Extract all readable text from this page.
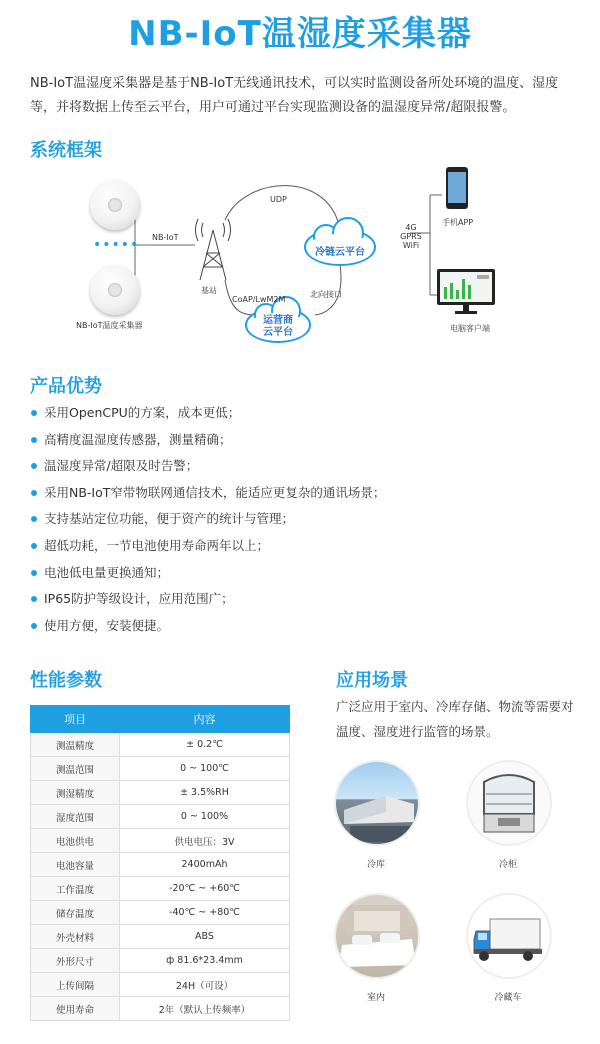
NB-IoT温湿度采集器
NB-IoT温湿度采集器是基于NB-IoT无线通讯技术，可以实时监测设备所处环境的温度、湿度等，并将数据上传至云平台，用户可通过平台实现监测设备的温湿度异常/超限报警。
系统框架
•••••
NB-IoT温度采集器
NB-IoT
基站
UDP
CoAP/LwM2M
冷链云平台
运营商
云平台
北向接口
4G
GPRS
WiFi
手机APP
电脑客户端
产品优势
采用OpenCPU的方案，成本更低；
高精度温湿度传感器，测量精确；
温湿度异常/超限及时告警；
采用NB-IoT窄带物联网通信技术，能适应更复杂的通讯场景；
支持基站定位功能，便于资产的统计与管理；
超低功耗，一节电池使用寿命两年以上；
电池低电量更换通知；
IP65防护等级设计，应用范围广；
使用方便，安装便捷。
性能参数	应用场景
项目	内容
测温精度	± 0.2℃
测温范围	0 ~ 100℃
测湿精度	± 3.5%RH
湿度范围	0 ~ 100%
电池供电	供电电压：3V
电池容量	2400mAh
工作温度	-20℃ ~ +60℃
储存温度	-40℃ ~ +80℃
外壳材料	ABS
外形尺寸	ф 81.6*23.4mm
上传间隔	24H（可设）
使用寿命	2年（默认上传频率）
广泛应用于室内、冷库存储、物流等需要对温度、湿度进行监管的场景。
冷库	冷柜
室内	冷藏车
